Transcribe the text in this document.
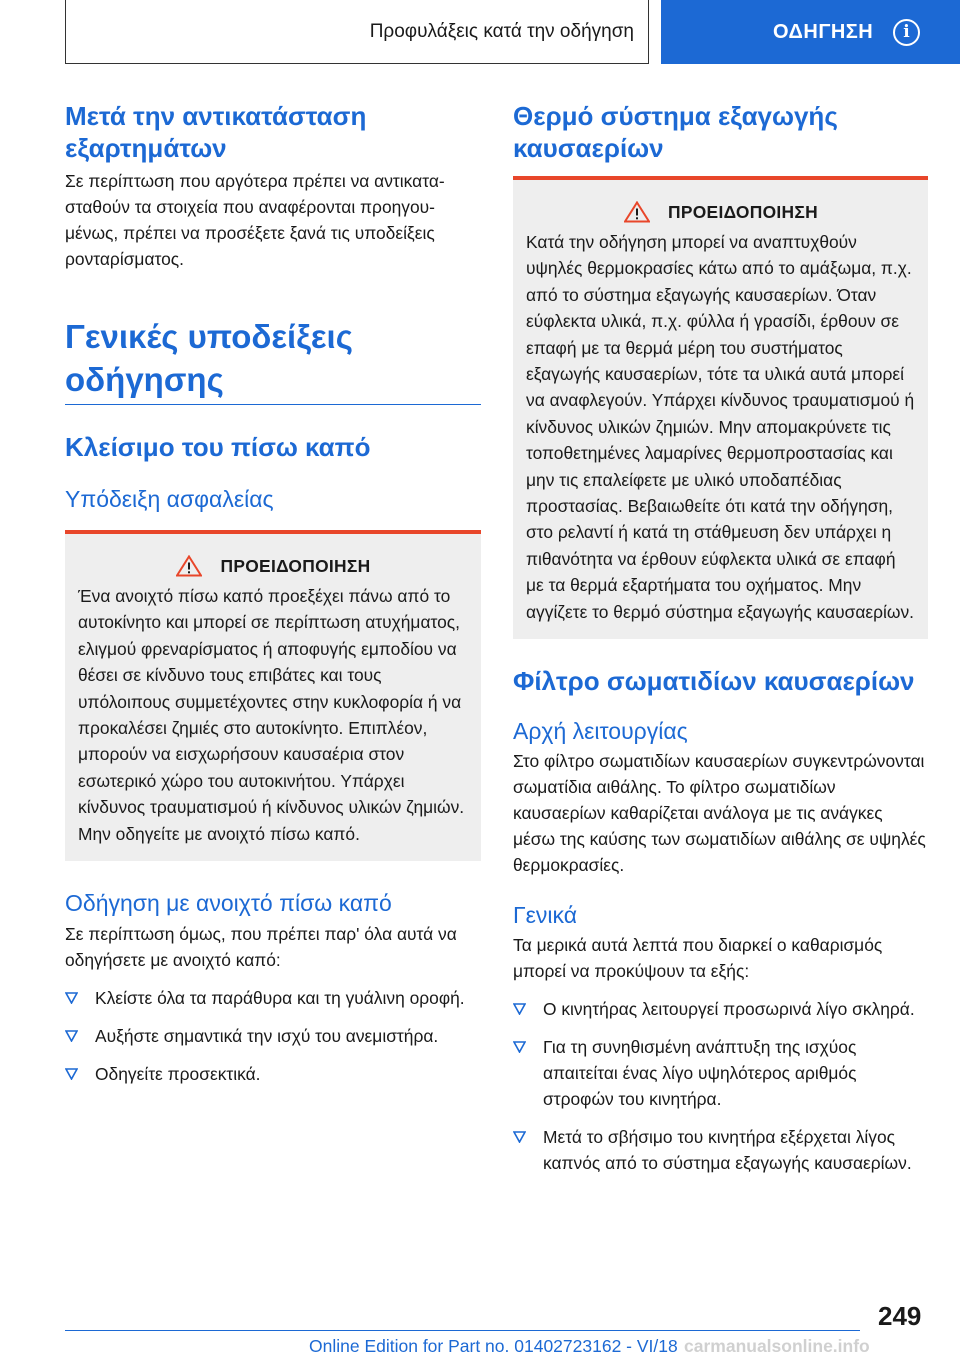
Προφυλάξεις κατά την οδήγηση	ΟΔΗΓΗΣΗ	i
Μετά την αντικατάσταση εξαρτημάτων

Σε περίπτωση που αργότερα πρέπει να αντικατασταθούν τα στοιχεία που αναφέρονται προηγουμένως, πρέπει να προσέξετε ξανά τις υποδείξεις ρονταρίσματος.

Γενικές υποδείξεις οδήγησης
Κλείσιμο του πίσω καπό
Υπόδειξη ασφαλείας
ΠΡΟΕΙΔΟΠΟΙΗΣΗ

Ένα ανοιχτό πίσω καπό προεξέχει πάνω από το αυτοκίνητο και μπορεί σε περίπτωση ατυχήματος, ελιγμού φρεναρίσματος ή αποφυγής εμποδίου να θέσει σε κίνδυνο τους επιβάτες και τους υπόλοιπους συμμετέχοντες στην κυκλοφορία ή να προκαλέσει ζημιές στο αυτοκίνητο. Επιπλέον, μπορούν να εισχωρήσουν καυσαέρια στον εσωτερικό χώρο του αυτοκινήτου. Υπάρχει κίνδυνος τραυματισμού ή κίνδυνος υλικών ζημιών. Μην οδηγείτε με ανοιχτό πίσω καπό.

Οδήγηση με ανοιχτό πίσω καπό

Σε περίπτωση όμως, που πρέπει παρ' όλα αυτά να οδηγήσετε με ανοιχτό καπό:

Κλείστε όλα τα παράθυρα και τη γυάλινη οροφή.
Αυξήστε σημαντικά την ισχύ του ανεμιστήρα.
Οδηγείτε προσεκτικά.
Θερμό σύστημα εξαγωγής καυσαερίων
ΠΡΟΕΙΔΟΠΟΙΗΣΗ

Κατά την οδήγηση μπορεί να αναπτυχθούν υψηλές θερμοκρασίες κάτω από το αμάξωμα, π.χ. από το σύστημα εξαγωγής καυσαερίων. Όταν εύφλεκτα υλικά, π.χ. φύλλα ή γρασίδι, έρθουν σε επαφή με τα θερμά μέρη του συστήματος εξαγωγής καυσαερίων, τότε τα υλικά αυτά μπορεί να αναφλεγούν. Υπάρχει κίνδυνος τραυματισμού ή κίνδυνος υλικών ζημιών. Μην απομακρύνετε τις τοποθετημένες λαμαρίνες θερμοπροστασίας και μην τις επαλείφετε με υλικό υποδαπέδιας προστασίας. Βεβαιωθείτε ότι κατά την οδήγηση, στο ρελαντί ή κατά τη στάθμευση δεν υπάρχει η πιθανότητα να έρθουν εύφλεκτα υλικά σε επαφή με τα θερμά εξαρτήματα του οχήματος. Μην αγγίζετε το θερμό σύστημα εξαγωγής καυσαερίων.

Φίλτρο σωματιδίων καυσαερίων
Αρχή λειτουργίας

Στο φίλτρο σωματιδίων καυσαερίων συγκεντρώνονται σωματίδια αιθάλης. Το φίλτρο σωματιδίων καυσαερίων καθαρίζεται ανάλογα με τις ανάγκες μέσω της καύσης των σωματιδίων αιθάλης σε υψηλές θερμοκρασίες.

Γενικά

Τα μερικά αυτά λεπτά που διαρκεί ο καθαρισμός μπορεί να προκύψουν τα εξής:

Ο κινητήρας λειτουργεί προσωρινά λίγο σκληρά.
Για τη συνηθισμένη ανάπτυξη της ισχύος απαιτείται ένας λίγο υψηλότερος αριθμός στροφών του κινητήρα.
Μετά το σβήσιμο του κινητήρα εξέρχεται λίγος καπνός από το σύστημα εξαγωγής καυσαερίων.
249
Online Edition for Part no. 01402723162 - VI/18 carmanualsonline.info
